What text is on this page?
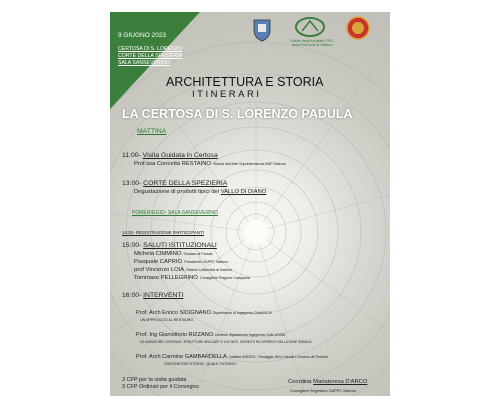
9 GIUGNO 2023
CERTOSA DI S. LORENZO
CORTE DELLA SPEZIERIA
SALA SANSEVERINO
Ordine degli Architetti P.P.C.
della Provincia di Salerno
ARCHITETTURA E STORIA
ITINERARI
LA CERTOSA DI S. LORENZO PADULA
MATTINA
11:00- Visita Guidata in Certosa
Prof.ssa Concetta RESTAINO- Storica dell'Arte Soprintendenza BAP Salerno
13:00- CORTE DELLA SPEZIERIA
Degustazione di prodotti tipici del VALLO DI DIANO
POMERIGGIO- SALA SANSEVERINO
14:30- REGISTRAZIONE PARTECIPANTI
15:00- SALUTI ISTITUZIONALI
Michela CIMMINO- Sindaco di Padula
Pasquale CAPRIO- Presidente OAPPC Salerno
prof Vincenzo LOIA- Rettore Università di Salerno
Tommaso PELLEGRINO- Consigliere Regione Campania
16:00- INTERVENTI
Prof. Arch Enrico SICIGNANO- Dipartimento di Ingegneria Civile/DICIV
UN APPROCCIO AL RESTAURO
Prof. Ing Gianvittorio RIZZANO- Direttore dipartimento Ingegneria Civile UNISA
LE MURATURE CONTINUE- STRUTTURE ARCUATE E VOLTATE- DISSESTI RICORRENTI NELLA FASE SISMICA
Prof. Arch Carmine GAMBARDELLA- Cattedra UNESCO - Paesaggio, Beni Culturali e Governo del Territorio
CONTENITORI STORICI- QUALE FUTURO?
3 CFP per la visita guidata
3 CFP Ordinari per il Convegno
Coordina Mariateresa D'ARCO
Consigliere Segretario OAPPC Salerno
